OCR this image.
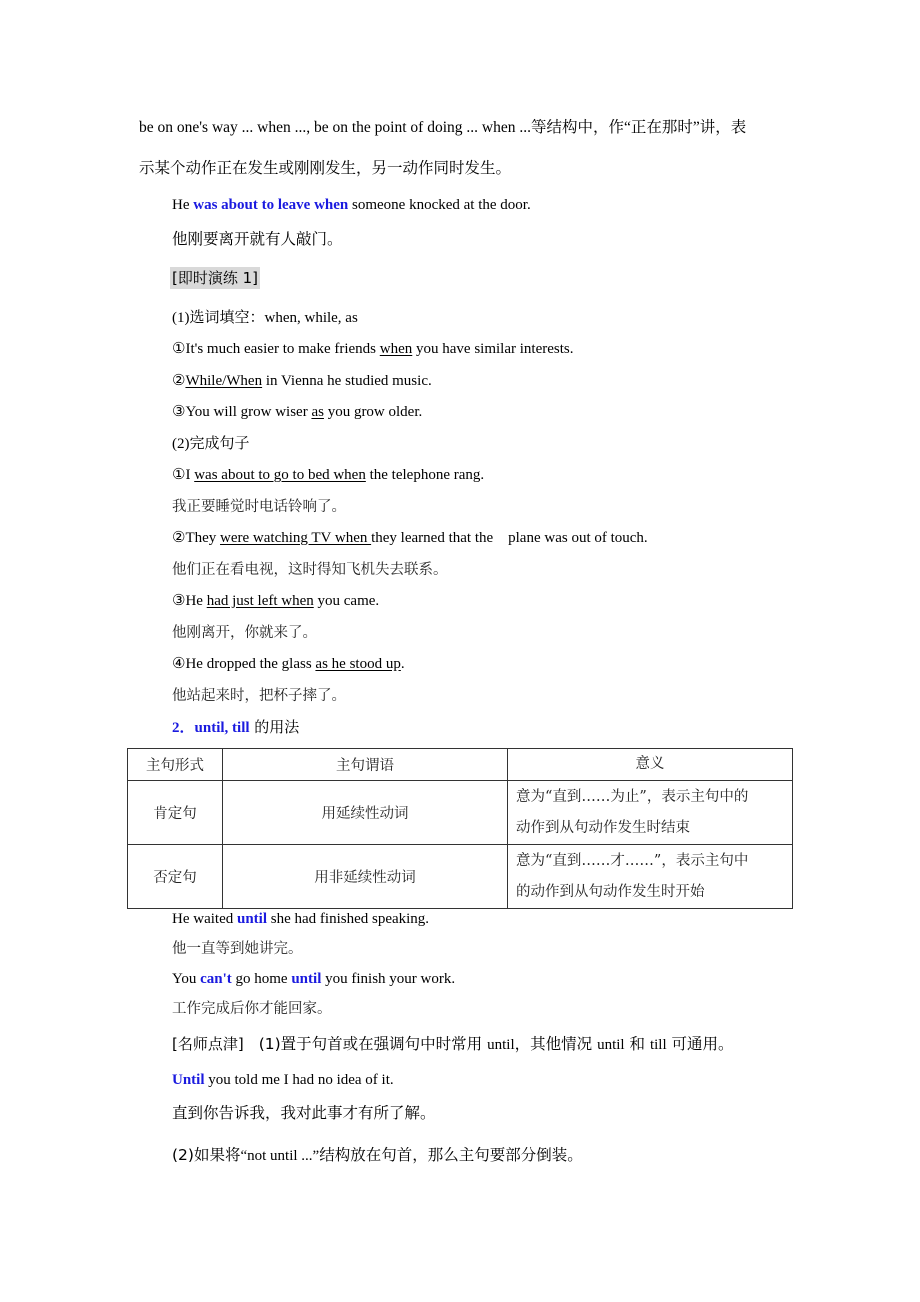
be on one's way ... when ..., be on the point of doing ... when ...等结构中，作“正在那时”讲，表
示某个动作正在发生或刚刚发生，另一动作同时发生。
He was about to leave when someone knocked at the door.
他刚要离开就有人敲门。
[即时演练 1]
(1)选词填空：when, while, as
①It's much easier to make friends when you have similar interests.
②While/When in Vienna he studied music.
③You will grow wiser as you grow older.
(2)完成句子
①I was about to go to bed when the telephone rang.
我正要睡觉时电话铃响了。
②They were watching TV when they learned that the    plane was out of touch.
他们正在看电视，这时得知飞机失去联系。
③He had just left when you came.
他刚离开，你就来了。
④He dropped the glass as he stood up.
他站起来时，把杯子摔了。
2．until, till 的用法
主句形式	主句谓语	意义
肯定句	用延续性动词	意为“直到……为止”，表示主句中的
动作到从句动作发生时结束

否定句	用非延续性动词	意为“直到……才……”，表示主句中
的动作到从句动作发生时开始
He waited until she had finished speaking.
他一直等到她讲完。
You can't go home until you finish your work.
工作完成后你才能回家。
[名师点津] (1)置于句首或在强调句中时常用 until，其他情况 until 和 till 可通用。
Until you told me I had no idea of it.
直到你告诉我，我对此事才有所了解。
(2)如果将“not until ...”结构放在句首，那么主句要部分倒装。
